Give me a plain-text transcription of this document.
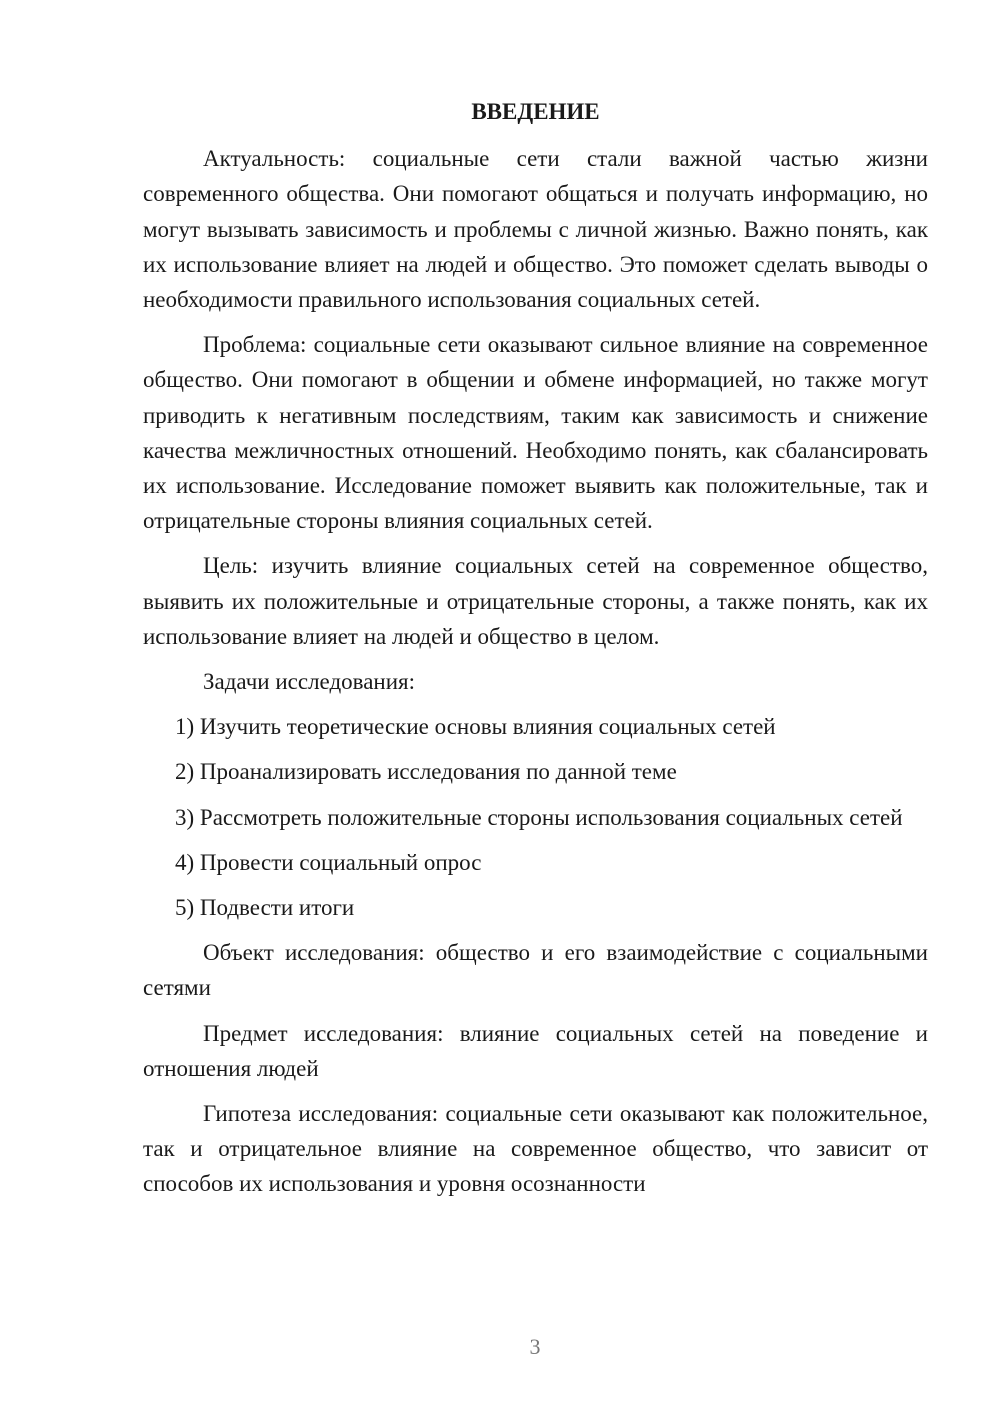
ВВЕДЕНИЕ

Актуальность: социальные сети стали важной частью жизни современного общества. Они помогают общаться и получать информацию, но могут вызывать зависимость и проблемы с личной жизнью. Важно понять, как их использование влияет на людей и общество. Это поможет сделать выводы о необходимости правильного использования социальных сетей.

Проблема: социальные сети оказывают сильное влияние на современное общество. Они помогают в общении и обмене информацией, но также могут приводить к негативным последствиям, таким как зависимость и снижение качества межличностных отношений. Необходимо понять, как сбалансировать их использование. Исследование поможет выявить как положительные, так и отрицательные стороны влияния социальных сетей.

Цель: изучить влияние социальных сетей на современное общество, выявить их положительные и отрицательные стороны, а также понять, как их использование влияет на людей и общество в целом.

Задачи исследования:

1) Изучить теоретические основы влияния социальных сетей

2) Проанализировать исследования по данной теме

3) Рассмотреть положительные стороны использования социальных сетей

4) Провести социальный опрос

5) Подвести итоги

Объект исследования: общество и его взаимодействие с социальными сетями

Предмет исследования: влияние социальных сетей на поведение и отношения людей

Гипотеза исследования: социальные сети оказывают как положительное, так и отрицательное влияние на современное общество, что зависит от способов их использования и уровня осознанности

3
